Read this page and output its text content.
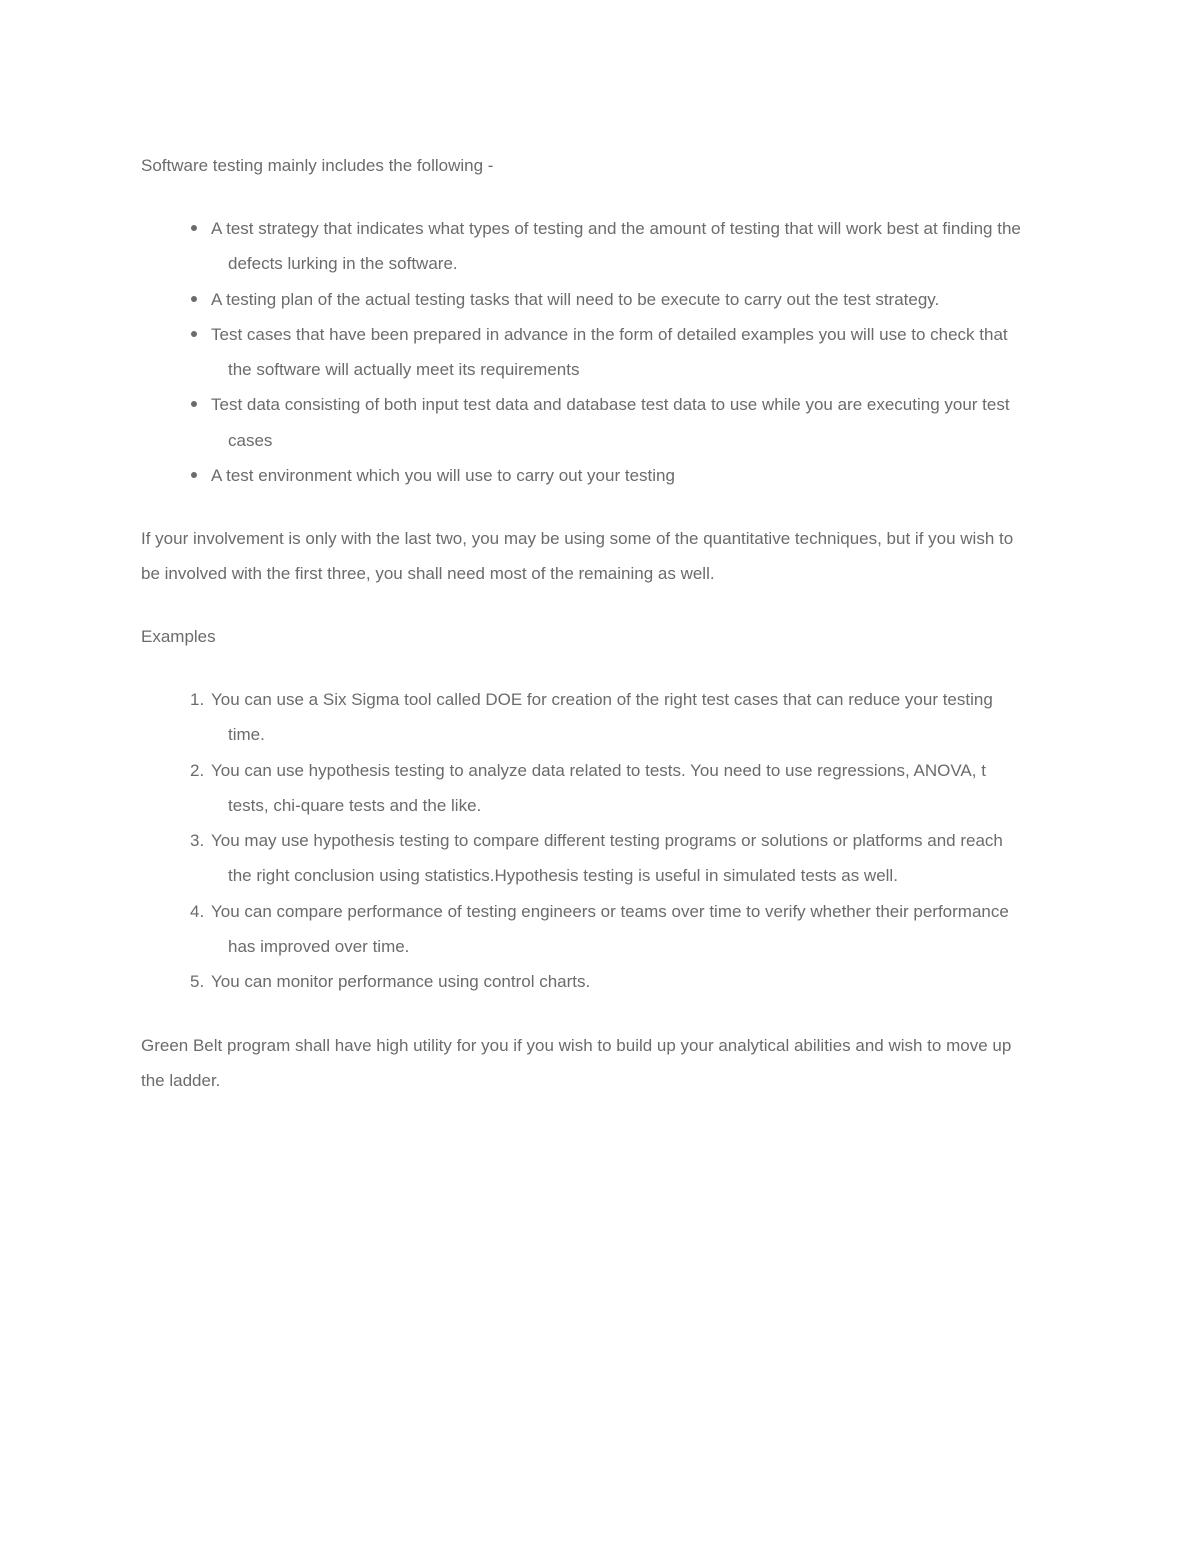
Software testing mainly includes the following -

A test strategy that indicates what types of testing and the amount of testing that will work best at finding the
defects lurking in the software.
A testing plan of the actual testing tasks that will need to be execute to carry out the test strategy.
Test cases that have been prepared in advance in the form of detailed examples you will use to check that
the software will actually meet its requirements
Test data consisting of both input test data and database test data to use while you are executing your test
cases
A test environment which you will use to carry out your testing

If your involvement is only with the last two, you may be using some of the quantitative techniques, but if you wish to
be involved with the first three, you shall need most of the remaining as well.

Examples

1. You can use a Six Sigma tool called DOE for creation of the right test cases that can reduce your testing
time.
2. You can use hypothesis testing to analyze data related to tests. You need to use regressions, ANOVA, t
tests, chi-quare tests and the like.
3. You may use hypothesis testing to compare different testing programs or solutions or platforms and reach
the right conclusion using statistics.Hypothesis testing is useful in simulated tests as well.
4. You can compare performance of testing engineers or teams over time to verify whether their performance
has improved over time.
5. You can monitor performance using control charts.

Green Belt program shall have high utility for you if you wish to build up your analytical abilities and wish to move up
the ladder.
